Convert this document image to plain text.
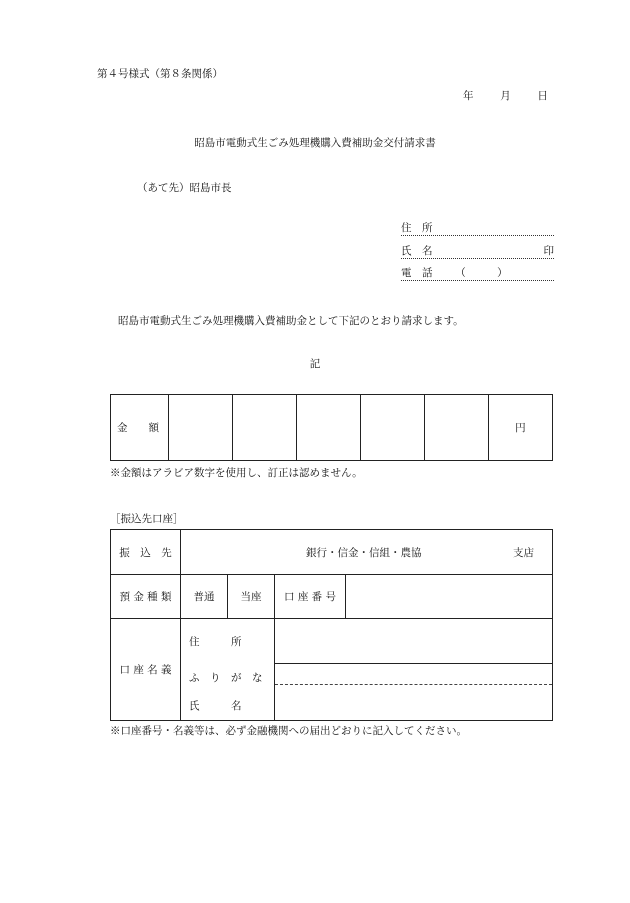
第４号様式（第８条関係）
年	月	日
昭島市電動式生ごみ処理機購入費補助金交付請求書
（あて先）昭島市長
住　所
氏　名	印
電　話 （　　　）
昭島市電動式生ごみ処理機購入費補助金として下記のとおり請求します。
記
金　　額						円
※金額はアラビア数字を使用し、訂正は認めません。
［振込先口座］
振　込　先	銀行・信金・信組・農協 支店			

預 金 種 類	普通	当座	口 座 番 号	
口 座 名 義	住　　　所
ふ　り　が　な
氏　　　名			

※口座番号・名義等は、必ず金融機関への届出どおりに記入してください。
